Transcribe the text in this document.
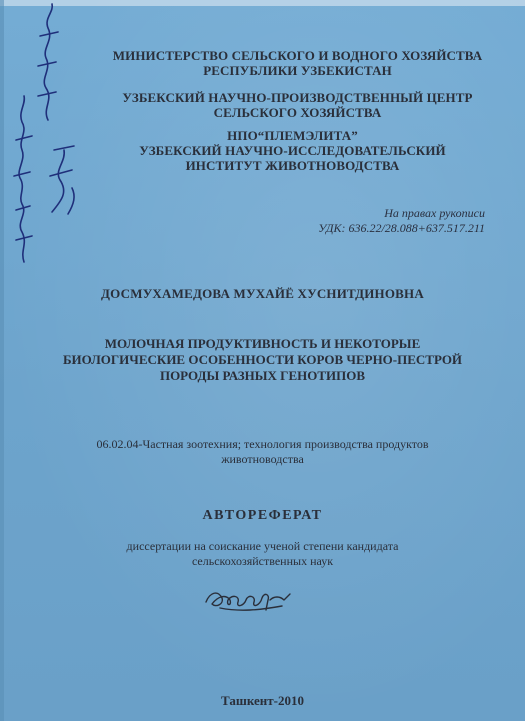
МИНИСТЕРСТВО СЕЛЬСКОГО И ВОДНОГО ХОЗЯЙСТВА
РЕСПУБЛИКИ УЗБЕКИСТАН
УЗБЕКСКИЙ НАУЧНО-ПРОИЗВОДСТВЕННЫЙ ЦЕНТР
СЕЛЬСКОГО ХОЗЯЙСТВА
НПО“ПЛЕМЭЛИТА”
УЗБЕКСКИЙ НАУЧНО-ИССЛЕДОВАТЕЛЬСКИЙ
ИНСТИТУТ ЖИВОТНОВОДСТВА
На правах рукописи
УДК: 636.22/28.088+637.517.211
ДОСМУХАМЕДОВА МУХАЙЁ ХУСНИТДИНОВНА
МОЛОЧНАЯ ПРОДУКТИВНОСТЬ И НЕКОТОРЫЕ
БИОЛОГИЧЕСКИЕ ОСОБЕННОСТИ КОРОВ ЧЕРНО-ПЕСТРОЙ
ПОРОДЫ РАЗНЫХ ГЕНОТИПОВ
06.02.04-Частная зоотехния; технология производства продуктов
животноводства
АВТОРЕФЕРАТ
диссертации на соискание ученой степени кандидата
сельскохозяйственных наук
Ташкент-2010
